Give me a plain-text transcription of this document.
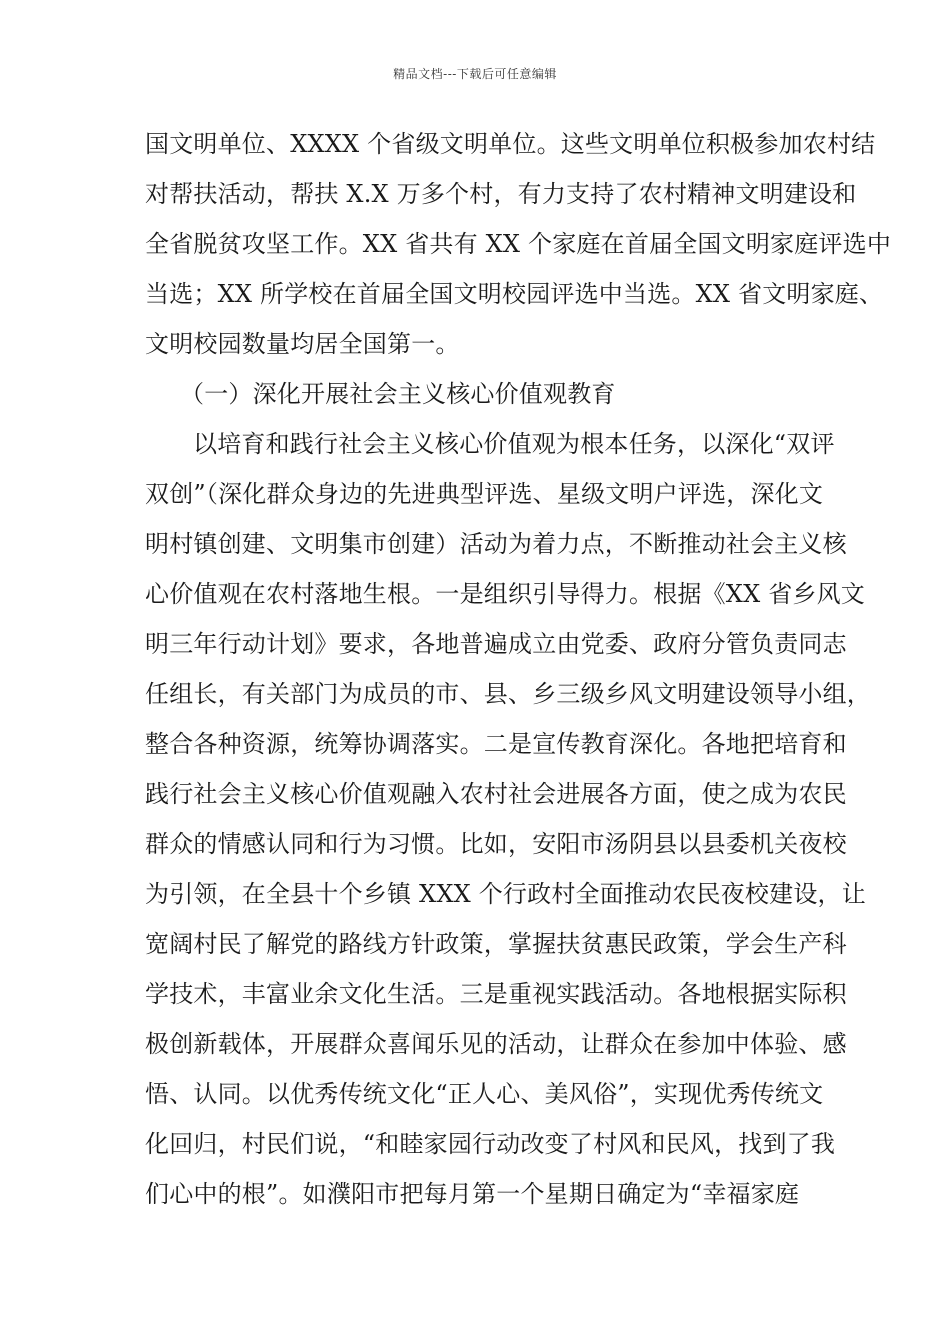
精品文档---下载后可任意编辑
国文明单位、XXXX 个省级文明单位。这些文明单位积极参加农村结
对帮扶活动，帮扶 X.X 万多个村，有力支持了农村精神文明建设和
全省脱贫攻坚工作。XX 省共有 XX 个家庭在首届全国文明家庭评选中
当选；XX 所学校在首届全国文明校园评选中当选。XX 省文明家庭、
文明校园数量均居全国第一。
（一）深化开展社会主义核心价值观教育
以培育和践行社会主义核心价值观为根本任务，以深化“双评
双创”（深化群众身边的先进典型评选、星级文明户评选，深化文
明村镇创建、文明集市创建）活动为着力点，不断推动社会主义核
心价值观在农村落地生根。一是组织引导得力。根据《XX 省乡风文
明三年行动计划》要求，各地普遍成立由党委、政府分管负责同志
任组长，有关部门为成员的市、县、乡三级乡风文明建设领导小组，
整合各种资源，统筹协调落实。二是宣传教育深化。各地把培育和
践行社会主义核心价值观融入农村社会进展各方面，使之成为农民
群众的情感认同和行为习惯。比如，安阳市汤阴县以县委机关夜校
为引领，在全县十个乡镇 XXX 个行政村全面推动农民夜校建设，让
宽阔村民了解党的路线方针政策，掌握扶贫惠民政策，学会生产科
学技术，丰富业余文化生活。三是重视实践活动。各地根据实际积
极创新载体，开展群众喜闻乐见的活动，让群众在参加中体验、感
悟、认同。以优秀传统文化“正人心、美风俗”，实现优秀传统文
化回归，村民们说，“和睦家园行动改变了村风和民风，找到了我
们心中的根”。如濮阳市把每月第一个星期日确定为“幸福家庭
